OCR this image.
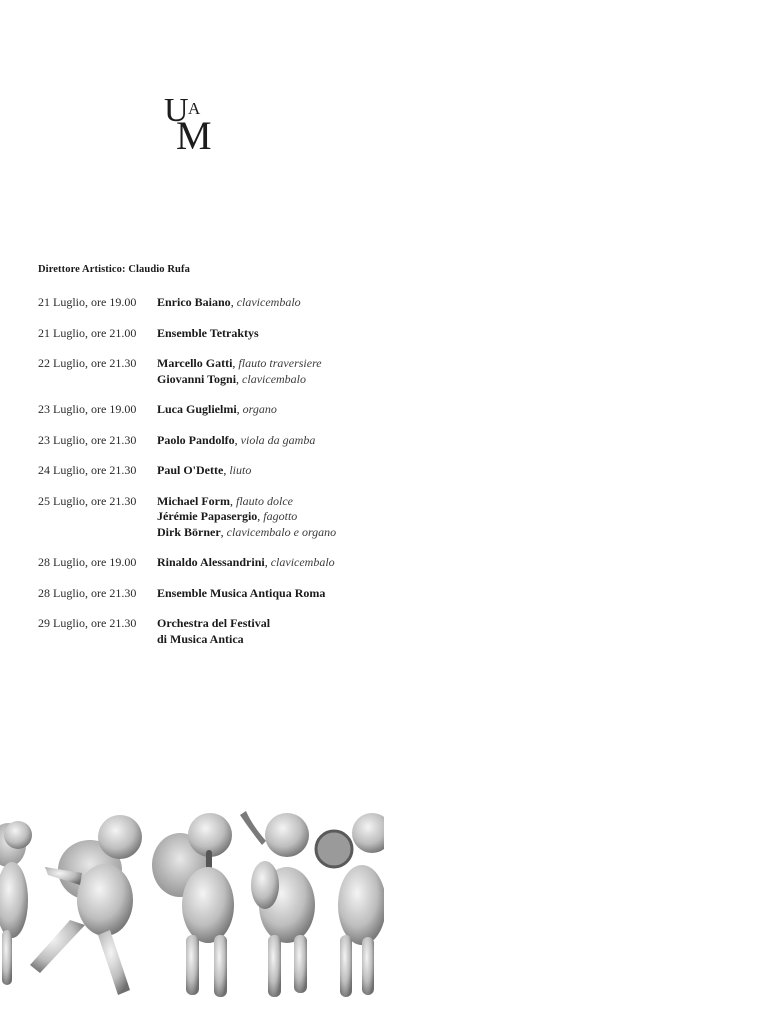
U A
M
Direttore Artistico: Claudio Rufa
21 Luglio, ore 19.00	Enrico Baiano, clavicembalo
21 Luglio, ore 21.00	Ensemble Tetraktys
22 Luglio, ore 21.30	Marcello Gatti, flauto traversiere
Giovanni Togni, clavicembalo
23 Luglio, ore 19.00	Luca Guglielmi, organo
23 Luglio, ore 21.30	Paolo Pandolfo, viola da gamba
24 Luglio, ore 21.30	Paul O'Dette, liuto
25 Luglio, ore 21.30	Michael Form, flauto dolce
Jérémie Papasergio, fagotto
Dirk Börner, clavicembalo e organo
28 Luglio, ore 19.00	Rinaldo Alessandrini, clavicembalo
28 Luglio, ore 21.30	Ensemble Musica Antiqua Roma
29 Luglio, ore 21.30	Orchestra del Festival
di Musica Antica
